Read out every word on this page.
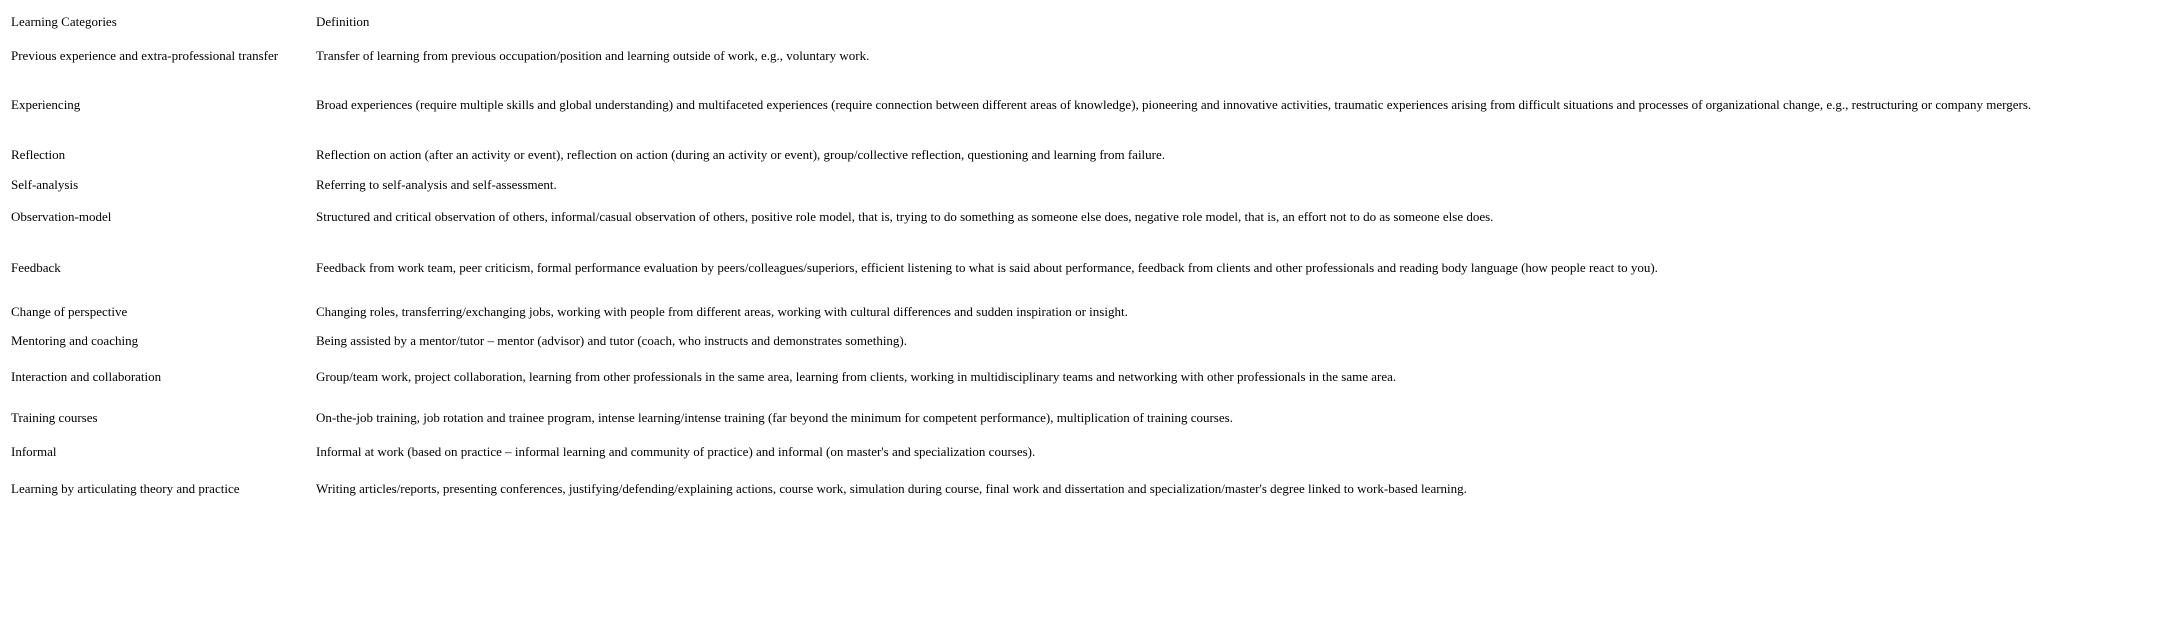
Learning Categories	Definition
Previous experience and extra-professional transfer	Transfer of learning from previous occupation/position and learning outside of work, e.g., voluntary work.
Experiencing	Broad experiences (require multiple skills and global understanding) and multifaceted experiences (require connection between different areas of knowledge), pioneering and innovative activities, traumatic experiences arising from difficult situations and processes of organizational change, e.g., restructuring or company mergers.
Reflection	Reflection on action (after an activity or event), reflection on action (during an activity or event), group/collective reflection, questioning and learning from failure.
Self-analysis	Referring to self-analysis and self-assessment.
Observation-model	Structured and critical observation of others, informal/casual observation of others, positive role model, that is, trying to do something as someone else does, negative role model, that is, an effort not to do as someone else does.
Feedback	Feedback from work team, peer criticism, formal performance evaluation by peers/colleagues/superiors, efficient listening to what is said about performance, feedback from clients and other professionals and reading body language (how people react to you).
Change of perspective	Changing roles, transferring/exchanging jobs, working with people from different areas, working with cultural differences and sudden inspiration or insight.
Mentoring and coaching	Being assisted by a mentor/tutor – mentor (advisor) and tutor (coach, who instructs and demonstrates something).
Interaction and collaboration	Group/team work, project collaboration, learning from other professionals in the same area, learning from clients, working in multidisciplinary teams and networking with other professionals in the same area.
Training courses	On-the-job training, job rotation and trainee program, intense learning/intense training (far beyond the minimum for competent performance), multiplication of training courses.
Informal	Informal at work (based on practice – informal learning and community of practice) and informal (on master's and specialization courses).
Learning by articulating theory and practice	Writing articles/reports, presenting conferences, justifying/defending/explaining actions, course work, simulation during course, final work and dissertation and specialization/master's degree linked to work-based learning.
